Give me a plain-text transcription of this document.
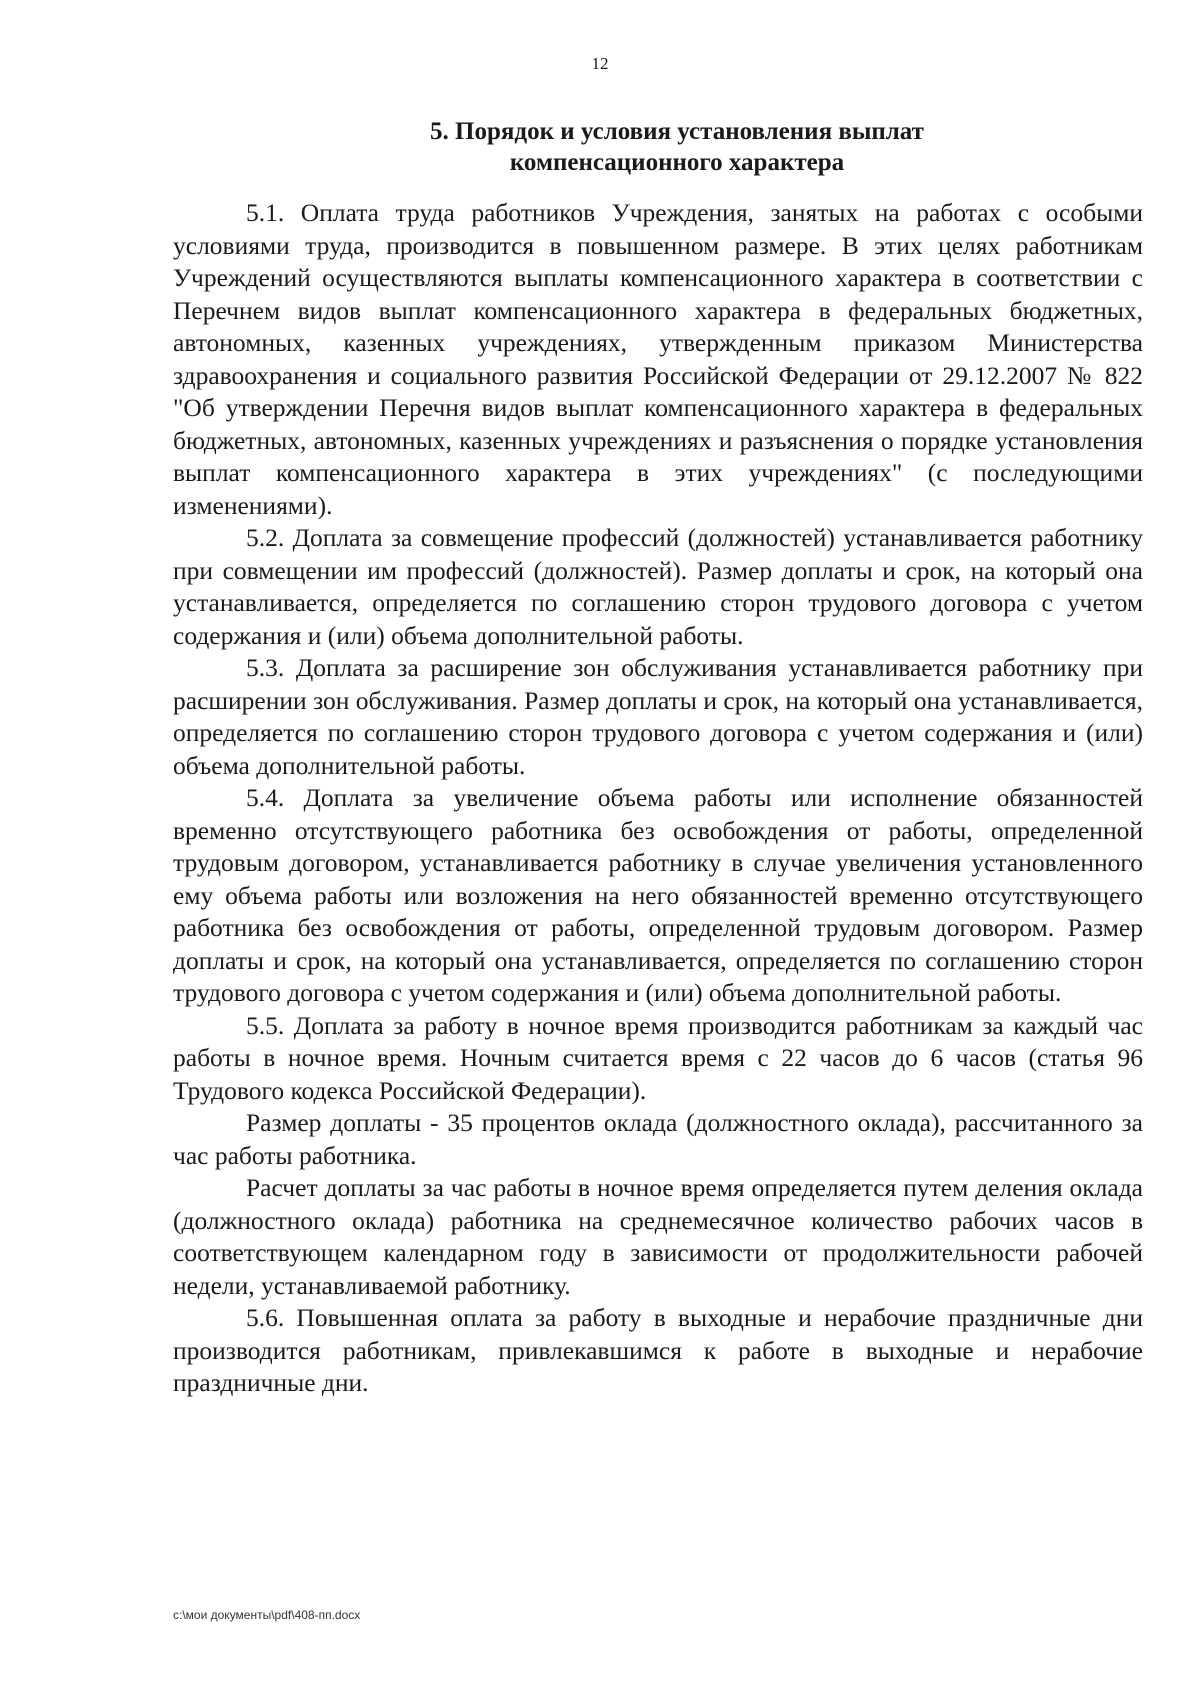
12
5. Порядок и условия установления выплат
компенсационного характера

5.1. Оплата труда работников Учреждения, занятых на работах с особыми условиями труда, производится в повышенном размере. В этих целях работникам Учреждений осуществляются выплаты компенсационного характера в соответствии с Перечнем видов выплат компенсационного характера в федеральных бюджетных, автономных, казенных учреждениях, утвержденным приказом Министерства здравоохранения и социального развития Российской Федерации от 29.12.2007 № 822 "Об утверждении Перечня видов выплат компенсационного характера в федеральных бюджетных, автономных, казенных учреждениях и разъяснения о порядке установления выплат компенсационного характера в этих учреждениях" (с последующими изменениями).

5.2. Доплата за совмещение профессий (должностей) устанавливается работнику при совмещении им профессий (должностей). Размер доплаты и срок, на который она устанавливается, определяется по соглашению сторон трудового договора с учетом содержания и (или) объема дополнительной работы.

5.3. Доплата за расширение зон обслуживания устанавливается работнику при расширении зон обслуживания. Размер доплаты и срок, на который она устанавливается, определяется по соглашению сторон трудового договора с учетом содержания и (или) объема дополнительной работы.

5.4. Доплата за увеличение объема работы или исполнение обязанностей временно отсутствующего работника без освобождения от работы, определенной трудовым договором, устанавливается работнику в случае увеличения установленного ему объема работы или возложения на него обязанностей временно отсутствующего работника без освобождения от работы, определенной трудовым договором. Размер доплаты и срок, на который она устанавливается, определяется по соглашению сторон трудового договора с учетом содержания и (или) объема дополнительной работы.

5.5. Доплата за работу в ночное время производится работникам за каждый час работы в ночное время. Ночным считается время с 22 часов до 6 часов (статья 96 Трудового кодекса Российской Федерации).

Размер доплаты - 35 процентов оклада (должностного оклада), рассчитанного за час работы работника.

Расчет доплаты за час работы в ночное время определяется путем деления оклада (должностного оклада) работника на среднемесячное количество рабочих часов в соответствующем календарном году в зависимости от продолжительности рабочей недели, устанавливаемой работнику.

5.6. Повышенная оплата за работу в выходные и нерабочие праздничные дни производится работникам, привлекавшимся к работе в выходные и нерабочие праздничные дни.

c:\мои документы\pdf\408-пп.docx
